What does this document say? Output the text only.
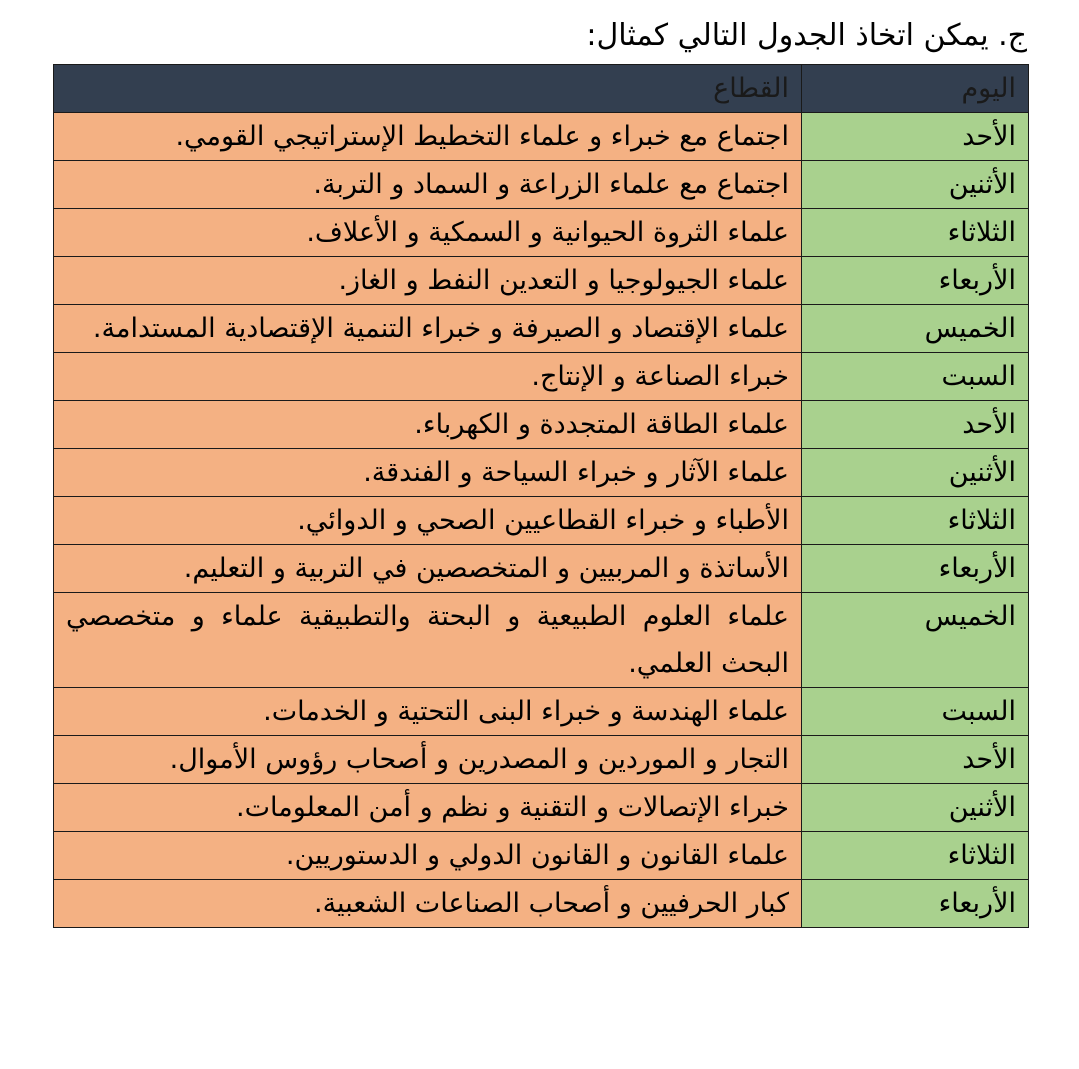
ج. يمكن اتخاذ الجدول التالي كمثال:
اليوم	القطاع
الأحد	اجتماع مع خبراء و علماء التخطيط الإستراتيجي القومي.
الأثنين	اجتماع مع علماء الزراعة و السماد و التربة.
الثلاثاء	علماء الثروة الحيوانية و السمكية و الأعلاف.
الأربعاء	علماء الجيولوجيا و التعدين النفط و الغاز.
الخميس	علماء الإقتصاد و الصيرفة و خبراء التنمية الإقتصادية المستدامة.
السبت	خبراء الصناعة و الإنتاج.
الأحد	علماء الطاقة المتجددة و الكهرباء.
الأثنين	علماء الآثار و خبراء السياحة و الفندقة.
الثلاثاء	الأطباء و خبراء القطاعيين الصحي و الدوائي.
الأربعاء	الأساتذة و المربيين و المتخصصين في التربية و التعليم.
الخميس	علماء العلوم الطبيعية و البحتة والتطبيقية علماء و متخصصي البحث العلمي.
السبت	علماء الهندسة و خبراء البنى التحتية و الخدمات.
الأحد	التجار و الموردين و المصدرين و أصحاب رؤوس الأموال.
الأثنين	خبراء الإتصالات و التقنية و نظم و أمن المعلومات.
الثلاثاء	علماء القانون و القانون الدولي و الدستوريين.
الأربعاء	كبار الحرفيين و أصحاب الصناعات الشعبية.
